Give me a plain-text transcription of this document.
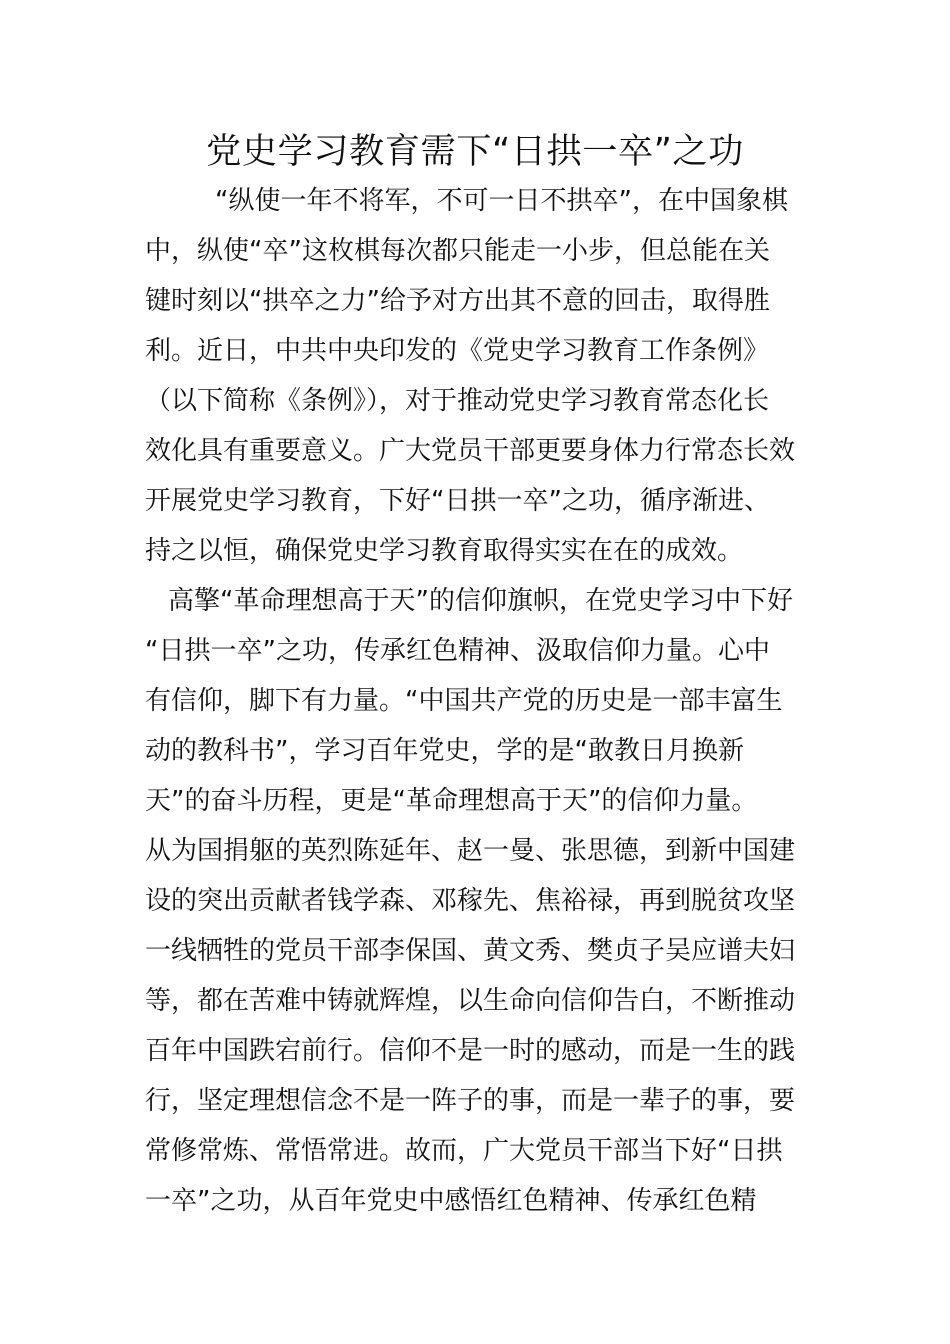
党史学习教育需下“日拱一卒”之功
“纵使一年不将军，不可一日不拱卒”，在中国象棋
中，纵使“卒”这枚棋每次都只能走一小步，但总能在关
键时刻以“拱卒之力”给予对方出其不意的回击，取得胜
利。近日，中共中央印发的《党史学习教育工作条例》
（以下简称《条例》），对于推动党史学习教育常态化长
效化具有重要意义。广大党员干部更要身体力行常态长效
开展党史学习教育，下好“日拱一卒”之功，循序渐进、
持之以恒，确保党史学习教育取得实实在在的成效。
高擎“革命理想高于天”的信仰旗帜，在党史学习中下好
“日拱一卒”之功，传承红色精神、汲取信仰力量。心中
有信仰，脚下有力量。“中国共产党的历史是一部丰富生
动的教科书”，学习百年党史，学的是“敢教日月换新
天”的奋斗历程，更是“革命理想高于天”的信仰力量。
从为国捐躯的英烈陈延年、赵一曼、张思德，到新中国建
设的突出贡献者钱学森、邓稼先、焦裕禄，再到脱贫攻坚
一线牺牲的党员干部李保国、黄文秀、樊贞子吴应谱夫妇
等，都在苦难中铸就辉煌，以生命向信仰告白，不断推动
百年中国跌宕前行。信仰不是一时的感动，而是一生的践
行，坚定理想信念不是一阵子的事，而是一辈子的事，要
常修常炼、常悟常进。故而，广大党员干部当下好“日拱
一卒”之功，从百年党史中感悟红色精神、传承红色精
